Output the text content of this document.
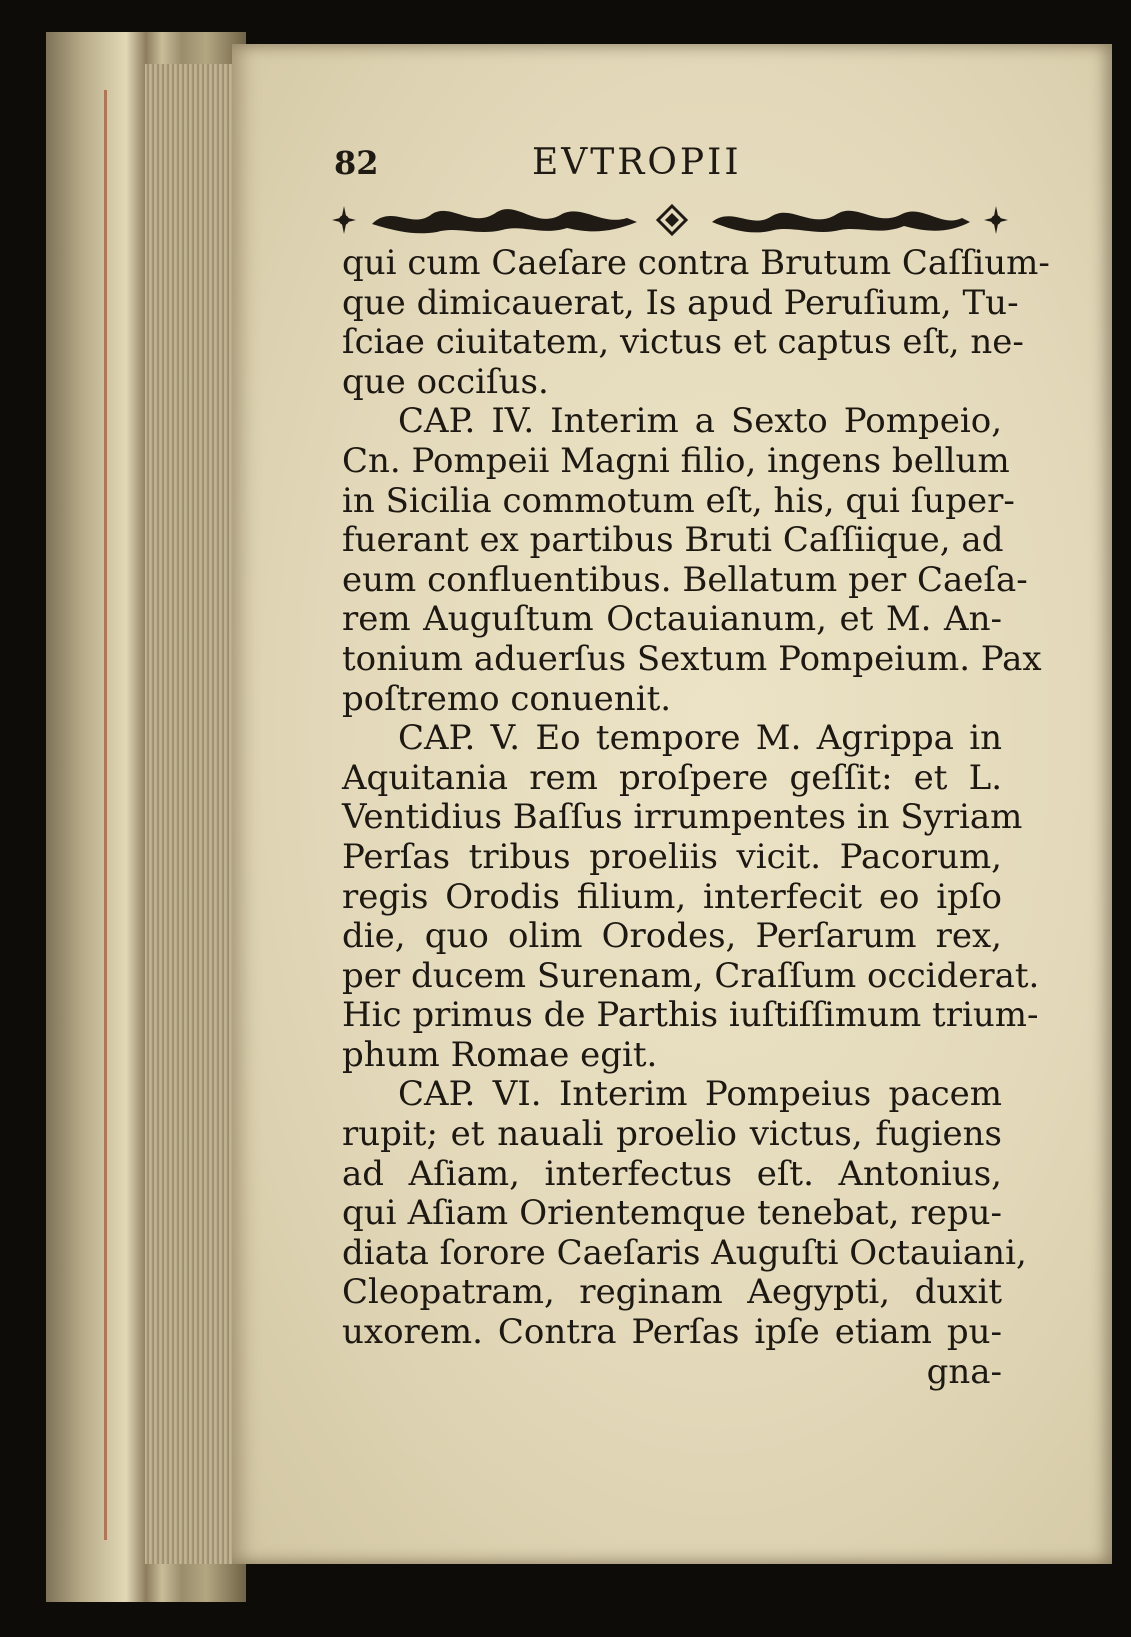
82	EVTROPII
qui cum Caeſare contra Brutum Caſſium-
que dimicauerat, Is apud Peruſium, Tu-
ſciae ciuitatem, victus et captus eſt, ne-
que occiſus.
CAP. IV. Interim a Sexto Pompeio,
Cn. Pompeii Magni filio, ingens bellum
in Sicilia commotum eſt, his, qui ſuper-
fuerant ex partibus Bruti Caſſiique, ad
eum confluentibus. Bellatum per Caeſa-
rem Auguſtum Octauianum, et M. An-
tonium aduerſus Sextum Pompeium. Pax
poſtremo conuenit.
CAP. V. Eo tempore M. Agrippa in
Aquitania rem proſpere geſſit: et L.
Ventidius Baſſus irrumpentes in Syriam
Perſas tribus proeliis vicit. Pacorum,
regis Orodis filium, interfecit eo ipſo
die, quo olim Orodes, Perſarum rex,
per ducem Surenam, Craſſum occiderat.
Hic primus de Parthis iuſtiſſimum trium-
phum Romae egit.
CAP. VI. Interim Pompeius pacem
rupit; et nauali proelio victus, fugiens
ad Aſiam, interfectus eſt. Antonius,
qui Aſiam Orientemque tenebat, repu-
diata ſorore Caeſaris Auguſti Octauiani,
Cleopatram, reginam Aegypti, duxit
uxorem. Contra Perſas ipſe etiam pu-
gna-
